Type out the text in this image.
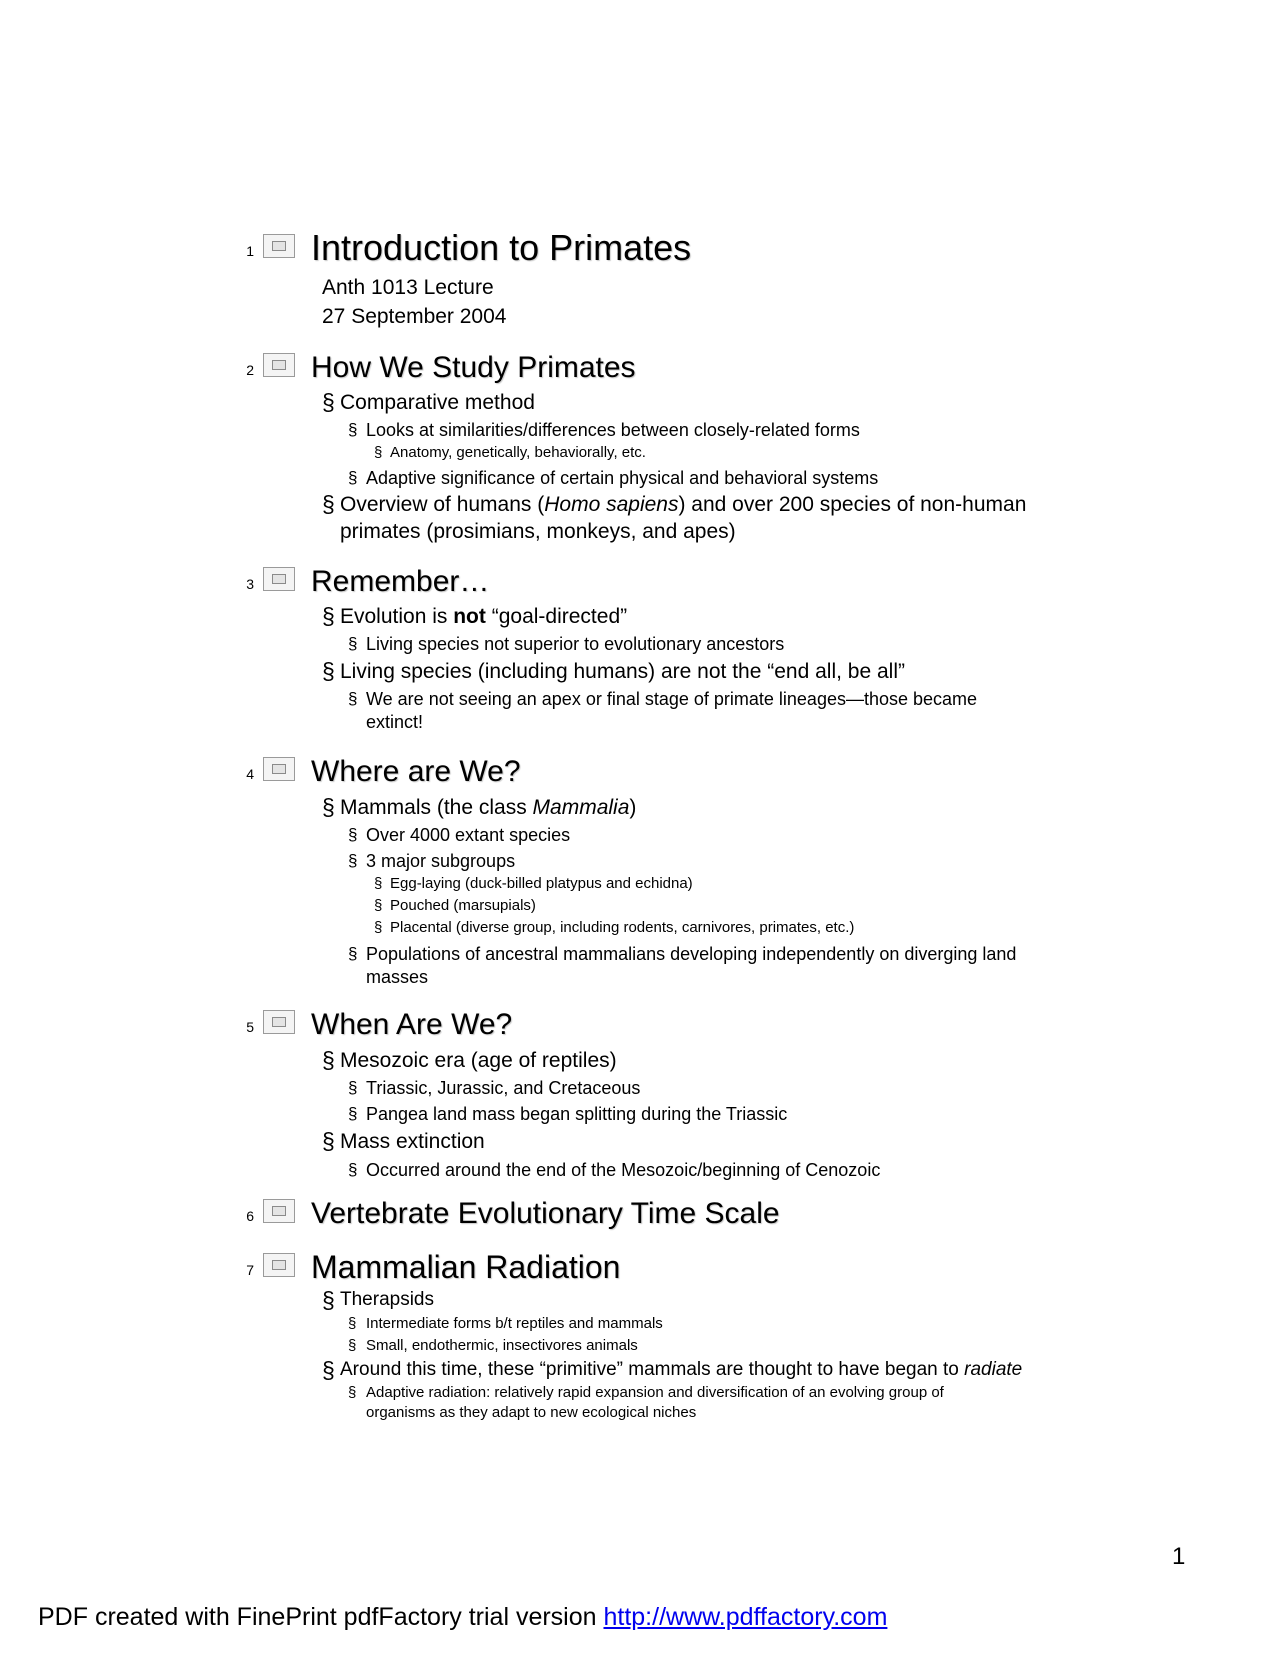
1 Introduction to Primates
Anth 1013 Lecture
27 September 2004
2 How We Study Primates
§ Comparative method
§ Looks at similarities/differences between closely-related forms
§ Anatomy, genetically, behaviorally, etc.
§ Adaptive significance of certain physical and behavioral systems
§ Overview of humans (Homo sapiens) and over 200 species of non-human
primates (prosimians, monkeys, and apes)
3 Remember…
§ Evolution is not “goal-directed”
§ Living species not superior to evolutionary ancestors
§ Living species (including humans) are not the “end all, be all”
§ We are not seeing an apex or final stage of primate lineages—those became
extinct!
4 Where are We?
§ Mammals (the class Mammalia)
§ Over 4000 extant species
§ 3 major subgroups
§ Egg-laying (duck-billed platypus and echidna)
§ Pouched (marsupials)
§ Placental (diverse group, including rodents, carnivores, primates, etc.)
§ Populations of ancestral mammalians developing independently on diverging land
masses
5 When Are We?
§ Mesozoic era (age of reptiles)
§ Triassic, Jurassic, and Cretaceous
§ Pangea land mass began splitting during the Triassic
§ Mass extinction
§ Occurred around the end of the Mesozoic/beginning of Cenozoic
6 Vertebrate Evolutionary Time Scale
7 Mammalian Radiation
§ Therapsids
§ Intermediate forms b/t reptiles and mammals
§ Small, endothermic, insectivores animals
§ Around this time, these “primitive” mammals are thought to have began to radiate
§ Adaptive radiation: relatively rapid expansion and diversification of an evolving group of
organisms as they adapt to new ecological niches
1
PDF created with FinePrint pdfFactory trial version http://www.pdffactory.com
